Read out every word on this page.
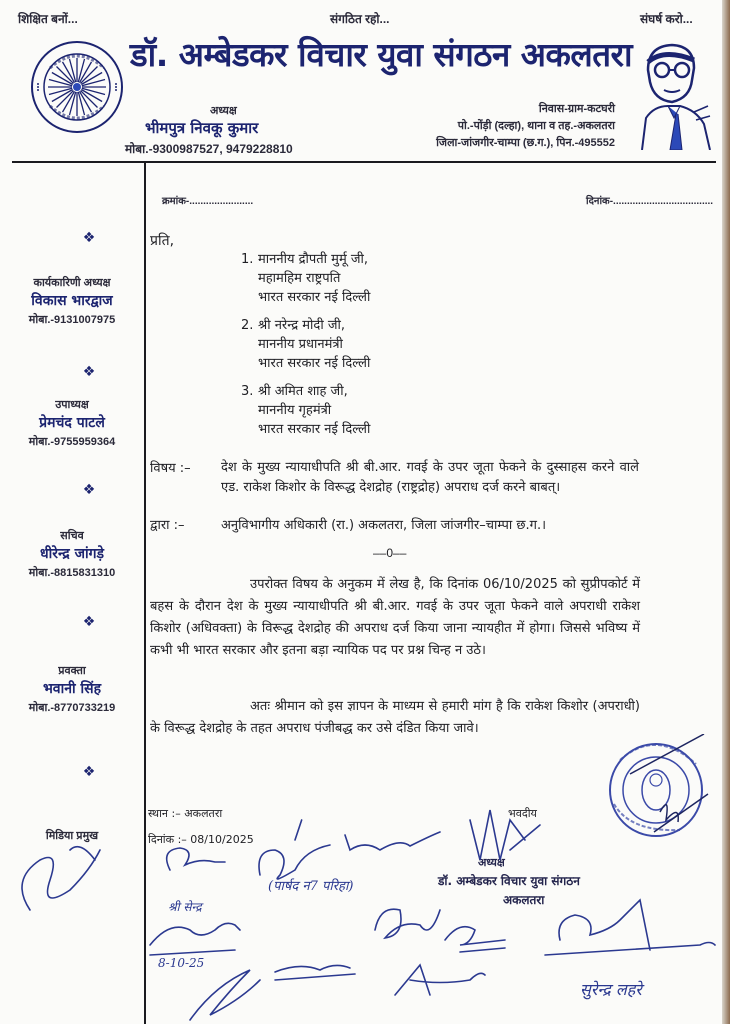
शिक्षित बनों...	संगठित रहो...	संघर्ष करो...
डॉ. अम्बेडकर विचार युवा संगठन अकलतरा
अध्यक्ष
भीमपुत्र निवकू कुमार
मोबा.-9300987527, 9479228810
निवास-ग्राम-कटघरी
पो.-पोंड़ी (दल्हा), थाना व तह.-अकलतरा
जिला-जांजगीर-चाम्पा (छ.ग.), पिन.-495552
❖
कार्यकारिणी अध्यक्ष
विकास भारद्वाज
मोबा.-9131007975
❖
उपाध्यक्ष
प्रेमचंद पाटले
मोबा.-9755959364
❖
सचिव
धीरेन्द्र जांगड़े
मोबा.-8815831310
❖
प्रवक्ता
भवानी सिंह
मोबा.-8770733219
❖
मिडिया प्रमुख
क्रमांक-.......................	दिनांक-....................................
प्रति,
1. माननीय द्रौपती मुर्मू जी,
महामहिम राष्ट्रपति
भारत सरकार नई दिल्ली
2. श्री नरेन्द्र मोदी जी,
माननीय प्रधानमंत्री
भारत सरकार नई दिल्ली
3. श्री अमित शाह जी,
माननीय गृहमंत्री
भारत सरकार नई दिल्ली
विषय :– देश के मुख्य न्यायाधीपति श्री बी.आर. गवई के उपर जूता फेकने के दुस्साहस करने वाले एड. राकेश किशोर के विरूद्ध देशद्रोह (राष्ट्रद्रोह) अपराध दर्ज करने बाबत्।
द्वारा :–	अनुविभागीय अधिकारी (रा.) अकलतरा, जिला जांजगीर–चाम्पा छ.ग.।
––0––
उपरोक्त विषय के अनुकम में लेख है, कि दिनांक 06/10/2025 को सुप्रीपकोर्ट में बहस के दौरान देश के मुख्य न्यायाधीपति श्री बी.आर. गवई के उपर जूता फेकने वाले अपराधी राकेश किशोर (अधिवक्ता) के विरूद्ध देशद्रोह की अपराध दर्ज किया जाना न्यायहीत में होगा। जिससे भविष्य में कभी भी भारत सरकार और इतना बड़ा न्यायिक पद पर प्रश्न चिन्ह न उठे।
अतः श्रीमान को इस ज्ञापन के माध्यम से हमारी मांग है कि राकेश किशोर (अपराधी) के विरूद्ध देशद्रोह के तहत अपराध पंजीबद्ध कर उसे दंडित किया जावे।
स्थान :– अकलतरा
दिनांक :– 08/10/2025
भवदीय
अध्यक्ष
डॉ. अम्बेडकर विचार युवा संगठन
अकलतरा
(पार्षद न7 परिहा)
8-10-25
सुरेन्द्र लहरे
श्री सेन्द्र
